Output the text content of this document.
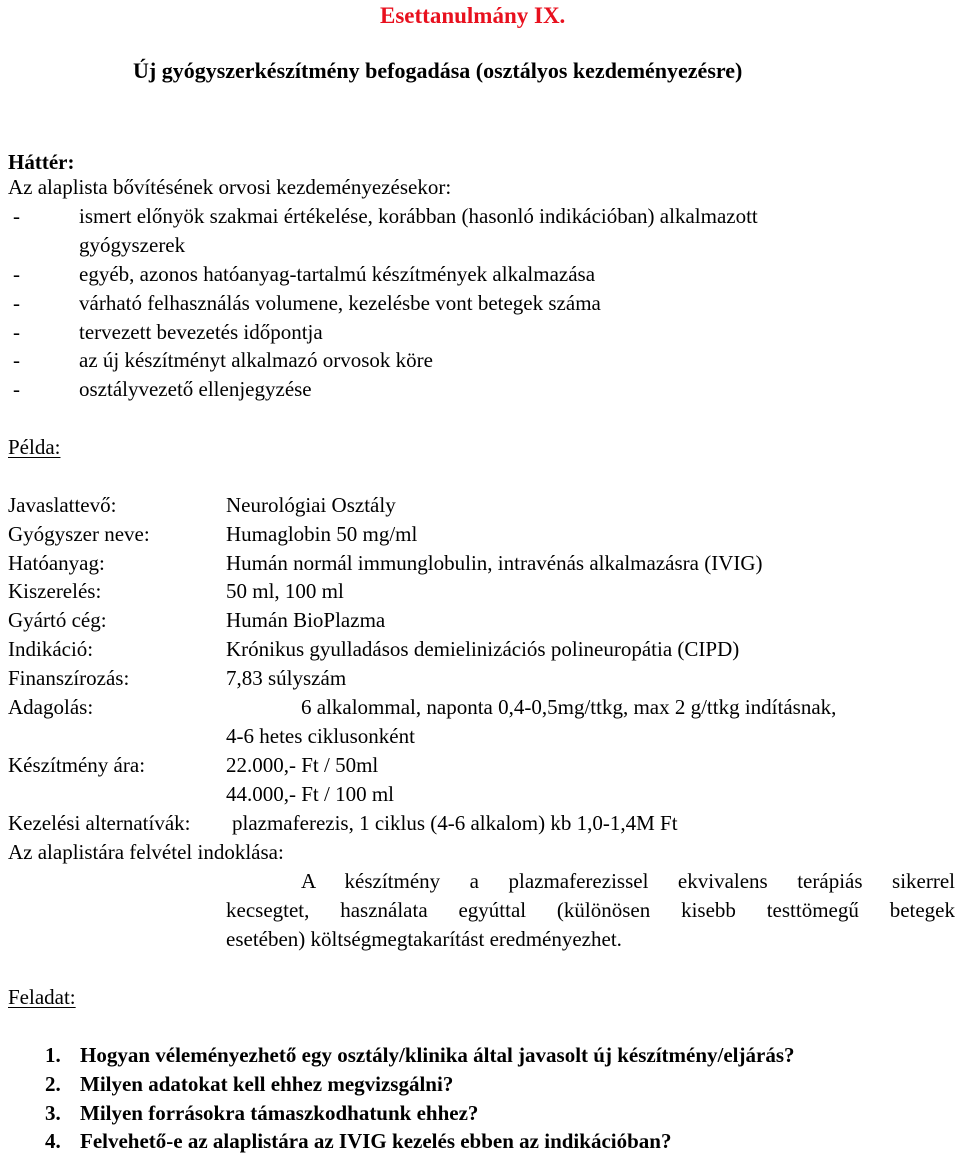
Esettanulmány IX.
Új gyógyszerkészítmény befogadása (osztályos kezdeményezésre)
Háttér:
Az alaplista bővítésének orvosi kezdeményezésekor:
-	ismert előnyök szakmai értékelése, korábban (hasonló indikációban) alkalmazott
gyógyszerek
-	egyéb, azonos hatóanyag-tartalmú készítmények alkalmazása
-	várható felhasználás volumene, kezelésbe vont betegek száma
-	tervezett bevezetés időpontja
-	az új készítményt alkalmazó orvosok köre
-	osztályvezető ellenjegyzése
Példa:
Javaslattevő:	Neurológiai Osztály
Gyógyszer neve:	Humaglobin 50 mg/ml
Hatóanyag:	Humán normál immunglobulin, intravénás alkalmazásra (IVIG)
Kiszerelés:	50 ml, 100 ml
Gyártó cég:	Humán BioPlazma
Indikáció:	Krónikus gyulladásos demielinizációs polineuropátia (CIPD)
Finanszírozás:	7,83 súlyszám
Adagolás:	6 alkalommal, naponta 0,4-0,5mg/ttkg, max 2 g/ttkg indításnak,
4-6 hetes ciklusonként
Készítmény ára:	22.000,- Ft / 50ml
44.000,- Ft / 100 ml
Kezelési alternatívák: plazmaferezis, 1 ciklus (4-6 alkalom) kb 1,0-1,4M Ft
Az alaplistára felvétel indoklása:
A készítmény a plazmaferezissel ekvivalens terápiás sikerrel
kecsegtet, használata egyúttal (különösen kisebb testtömegű betegek
esetében) költségmegtakarítást eredményezhet.
Feladat:
1. Hogyan véleményezhető egy osztály/klinika által javasolt új készítmény/eljárás?
2. Milyen adatokat kell ehhez megvizsgálni?
3. Milyen forrásokra támaszkodhatunk ehhez?
4. Felvehető-e az alaplistára az IVIG kezelés ebben az indikációban?
